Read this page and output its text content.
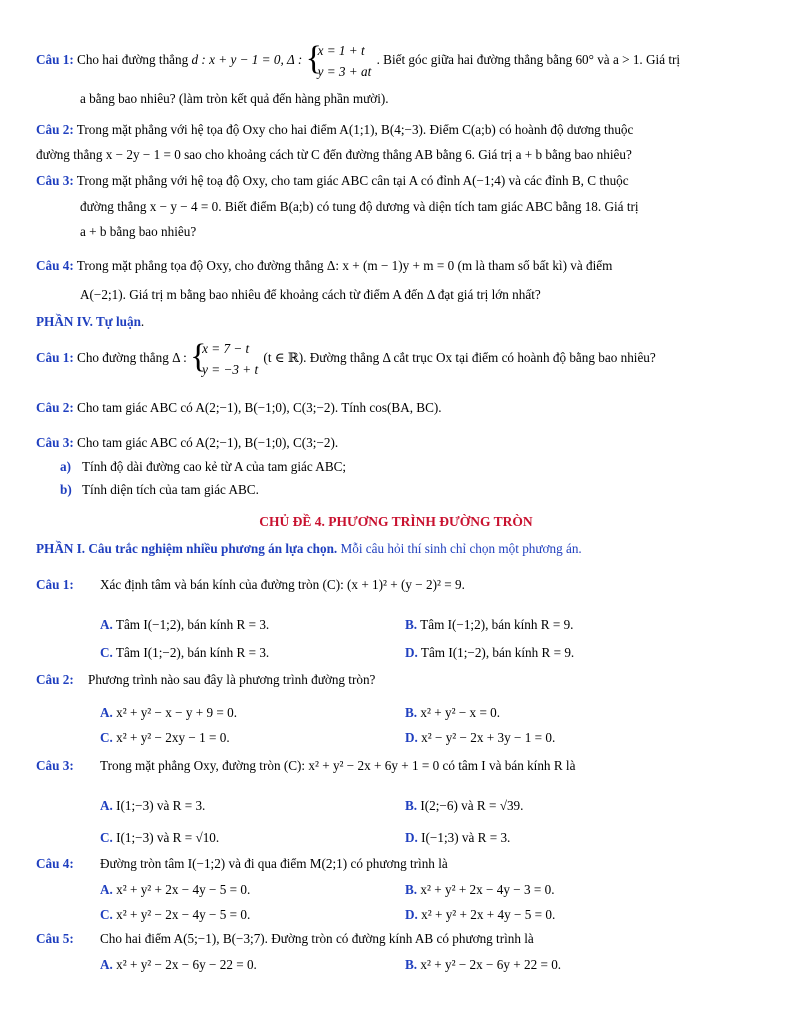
Câu 1: Cho hai đường thẳng d : x + y − 1 = 0, Δ :
{ x = 1 + t
y = 3 + at
. Biết góc giữa hai đường thẳng bằng 60° và a > 1. Giá trị
a bằng bao nhiêu? (làm tròn kết quả đến hàng phần mười).
Câu 2: Trong mặt phẳng với hệ tọa độ Oxy cho hai điểm A(1;1), B(4;−3). Điểm C(a;b) có hoành độ dương thuộc
đường thẳng x − 2y − 1 = 0 sao cho khoảng cách từ C đến đường thẳng AB bằng 6. Giá trị a + b bằng bao nhiêu?
Câu 3: Trong mặt phẳng với hệ toạ độ Oxy, cho tam giác ABC cân tại A có đỉnh A(−1;4) và các đỉnh B, C thuộc
đường thẳng x − y − 4 = 0. Biết điểm B(a;b) có tung độ dương và diện tích tam giác ABC bằng 18. Giá trị
a + b bằng bao nhiêu?
Câu 4: Trong mặt phẳng tọa độ Oxy, cho đường thẳng Δ: x + (m − 1)y + m = 0 (m là tham số bất kì) và điểm
A(−2;1). Giá trị m bằng bao nhiêu để khoảng cách từ điểm A đến Δ đạt giá trị lớn nhất?
PHẦN IV. Tự luận.
Câu 1: Cho đường thẳng Δ :
{ x = 7 − t
y = −3 + t
(t ∈ ℝ). Đường thẳng Δ cắt trục Ox tại điểm có hoành độ bằng bao nhiêu?
Câu 2: Cho tam giác ABC có A(2;−1), B(−1;0), C(3;−2). Tính cos(BA, BC).
Câu 3: Cho tam giác ABC có A(2;−1), B(−1;0), C(3;−2).
a) Tính độ dài đường cao kẻ từ A của tam giác ABC;
b) Tính diện tích của tam giác ABC.
CHỦ ĐỀ 4. PHƯƠNG TRÌNH ĐƯỜNG TRÒN
PHẦN I. Câu trắc nghiệm nhiều phương án lựa chọn. Mỗi câu hỏi thí sinh chỉ chọn một phương án.
Câu 1: Xác định tâm và bán kính của đường tròn (C): (x + 1)² + (y − 2)² = 9.
A. Tâm I(−1;2), bán kính R = 3.	B. Tâm I(−1;2), bán kính R = 9.
C. Tâm I(1;−2), bán kính R = 3.	D. Tâm I(1;−2), bán kính R = 9.
Câu 2: Phương trình nào sau đây là phương trình đường tròn?
A. x² + y² − x − y + 9 = 0.	B. x² + y² − x = 0.
C. x² + y² − 2xy − 1 = 0.	D. x² − y² − 2x + 3y − 1 = 0.
Câu 3: Trong mặt phẳng Oxy, đường tròn (C): x² + y² − 2x + 6y + 1 = 0 có tâm I và bán kính R là
A. I(1;−3) và R = 3.	B. I(2;−6) và R = √39.
C. I(1;−3) và R = √10.	D. I(−1;3) và R = 3.
Câu 4: Đường tròn tâm I(−1;2) và đi qua điểm M(2;1) có phương trình là
A. x² + y² + 2x − 4y − 5 = 0.	B. x² + y² + 2x − 4y − 3 = 0.
C. x² + y² − 2x − 4y − 5 = 0.	D. x² + y² + 2x + 4y − 5 = 0.
Câu 5: Cho hai điểm A(5;−1), B(−3;7). Đường tròn có đường kính AB có phương trình là
A. x² + y² − 2x − 6y − 22 = 0.	B. x² + y² − 2x − 6y + 22 = 0.
